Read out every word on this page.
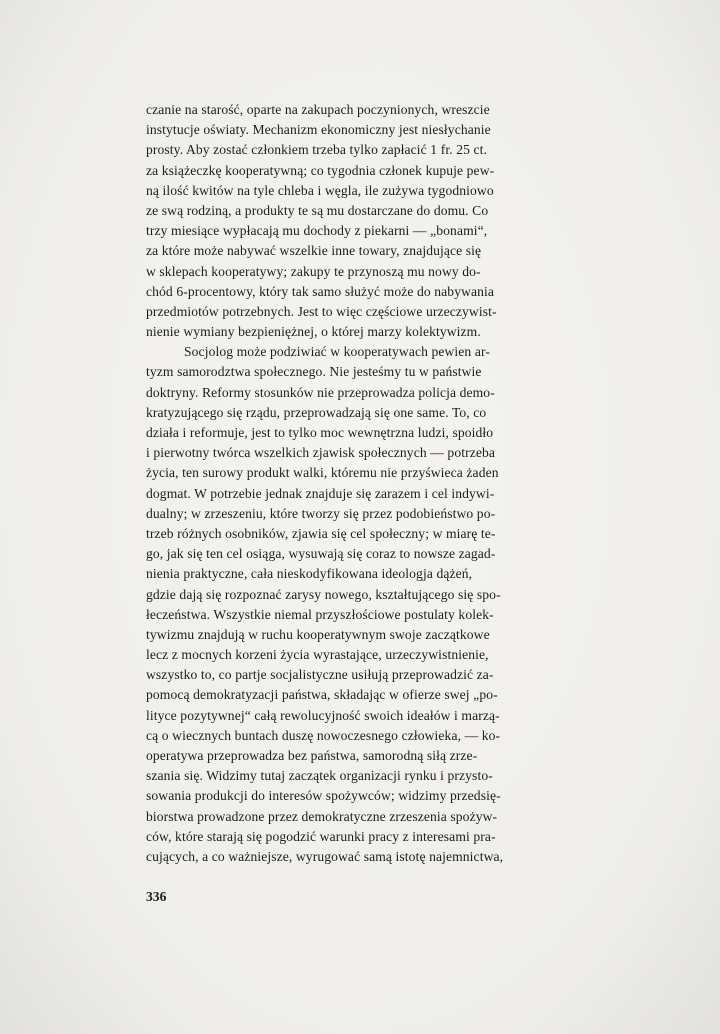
czanie na starość, oparte na zakupach poczynionych, wreszcie
instytucje oświaty. Mechanizm ekonomiczny jest niesłychanie
prosty. Aby zostać członkiem trzeba tylko zapłacić 1 fr. 25 ct.
za książeczkę kooperatywną; co tygodnia członek kupuje pew-
ną ilość kwitów na tyle chleba i węgla, ile zużywa tygodniowo
ze swą rodziną, a produkty te są mu dostarczane do domu. Co
trzy miesiące wypłacają mu dochody z piekarni — „bonami“,
za które może nabywać wszelkie inne towary, znajdujące się
w sklepach kooperatywy; zakupy te przynoszą mu nowy do-
chód 6-procentowy, który tak samo służyć może do nabywania
przedmiotów potrzebnych. Jest to więc częściowe urzeczywist-
nienie wymiany bezpieniężnej, o której marzy kolektywizm.
Socjolog może podziwiać w kooperatywach pewien ar-
tyzm samorodztwa społecznego. Nie jesteśmy tu w państwie
doktryny. Reformy stosunków nie przeprowadza policja demo-
kratyzującego się rządu, przeprowadzają się one same. To, co
działa i reformuje, jest to tylko moc wewnętrzna ludzi, spoidło
i pierwotny twórca wszelkich zjawisk społecznych — potrzeba
życia, ten surowy produkt walki, któremu nie przyświeca żaden
dogmat. W potrzebie jednak znajduje się zarazem i cel indywi-
dualny; w zrzeszeniu, które tworzy się przez podobieństwo po-
trzeb różnych osobników, zjawia się cel społeczny; w miarę te-
go, jak się ten cel osiąga, wysuwają się coraz to nowsze zagad-
nienia praktyczne, cała nieskodyfikowana ideologja dążeń,
gdzie dają się rozpoznać zarysy nowego, kształtującego się spo-
łeczeństwa. Wszystkie niemal przyszłościowe postulaty kolek-
tywizmu znajdują w ruchu kooperatywnym swoje zaczątkowe
lecz z mocnych korzeni życia wyrastające, urzeczywistnienie,
wszystko to, co partje socjalistyczne usiłują przeprowadzić za-
pomocą demokratyzacji państwa, składając w ofierze swej „po-
lityce pozytywnej“ całą rewolucyjność swoich ideałów i marzą-
cą o wiecznych buntach duszę nowoczesnego człowieka, — ko-
operatywa przeprowadza bez państwa, samorodną siłą zrze-
szania się. Widzimy tutaj zaczątek organizacji rynku i przysto-
sowania produkcji do interesów spożywców; widzimy przedsię-
biorstwa prowadzone przez demokratyczne zrzeszenia spożyw-
ców, które starają się pogodzić warunki pracy z interesami pra-
cujących, a co ważniejsze, wyrugować samą istotę najemnictwa,
336
